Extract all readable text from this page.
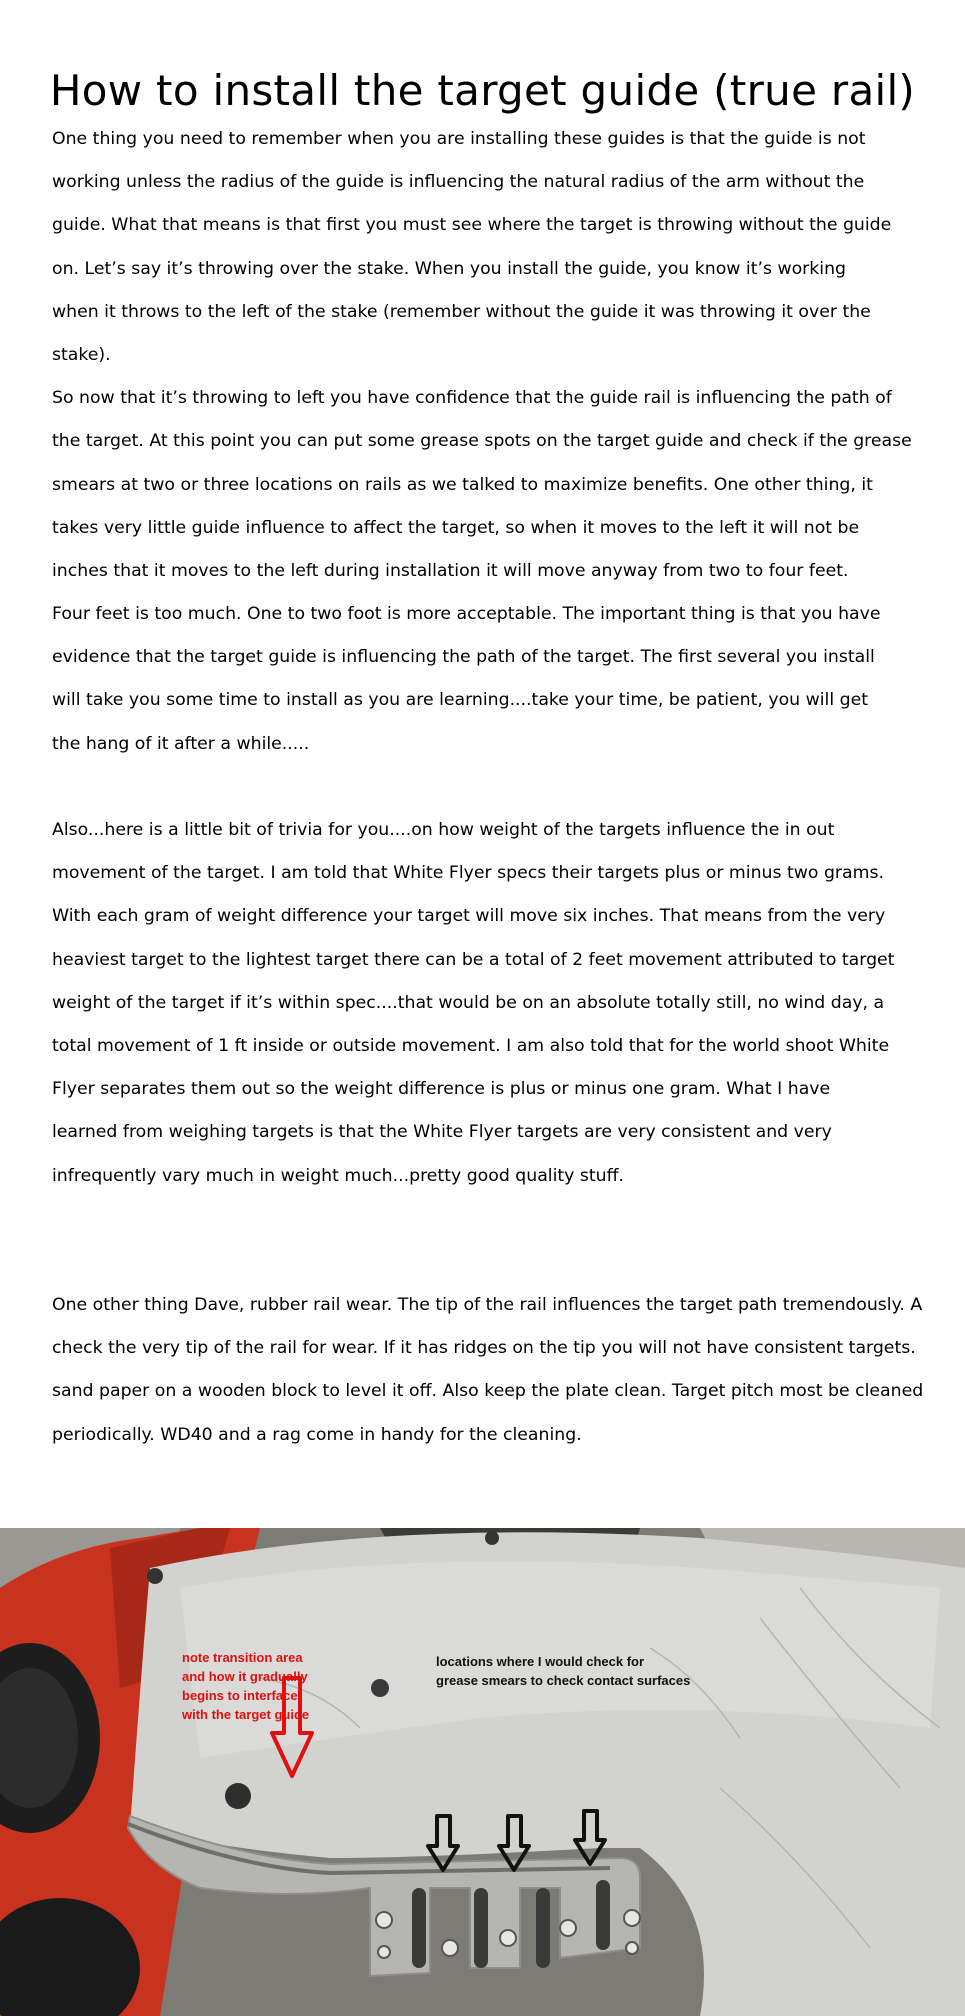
How to install the target guide (true rail)
One thing you need to remember when you are installing these guides is that the guide is not
working unless the radius of the guide is influencing the natural radius of the arm without the
guide. What that means is that first you must see where the target is throwing without the guide
on. Let’s say it’s throwing over the stake. When you install the guide, you know it’s working
when it throws to the left of the stake (remember without the guide it was throwing it over the
stake).
So now that it’s throwing to left you have confidence that the guide rail is influencing the path of
the target. At this point you can put some grease spots on the target guide and check if the grease
smears at two or three locations on rails as we talked to maximize benefits. One other thing, it
takes very little guide influence to affect the target, so when it moves to the left it will not be
inches that it moves to the left during installation it will move anyway from two to four feet.
Four feet is too much. One to two foot is more acceptable. The important thing is that you have
evidence that the target guide is influencing the path of the target. The first several you install
will take you some time to install as you are learning....take your time, be patient, you will get
the hang of it after a while.....
Also...here is a little bit of trivia for you....on how weight of the targets influence the in out
movement of the target. I am told that White Flyer specs their targets plus or minus two grams.
With each gram of weight difference your target will move six inches. That means from the very
heaviest target to the lightest target there can be a total of 2 feet movement attributed to target
weight of the target if it’s within spec....that would be on an absolute totally still, no wind day, a
total movement of 1 ft inside or outside movement. I am also told that for the world shoot White
Flyer separates them out so the weight difference is plus or minus one gram. What I have
learned from weighing targets is that the White Flyer targets are very consistent and very
infrequently vary much in weight much...pretty good quality stuff.
One other thing Dave, rubber rail wear. The tip of the rail influences the target path tremendously. A
check the very tip of the rail for wear. If it has ridges on the tip you will not have consistent targets.
sand paper on a wooden block to level it off. Also keep the plate clean. Target pitch most be cleaned
periodically. WD40 and a rag come in handy for the cleaning.
note transition area
and how it gradually
begins to interface
with the target guide
locations where I would check for
grease smears to check contact surfaces
